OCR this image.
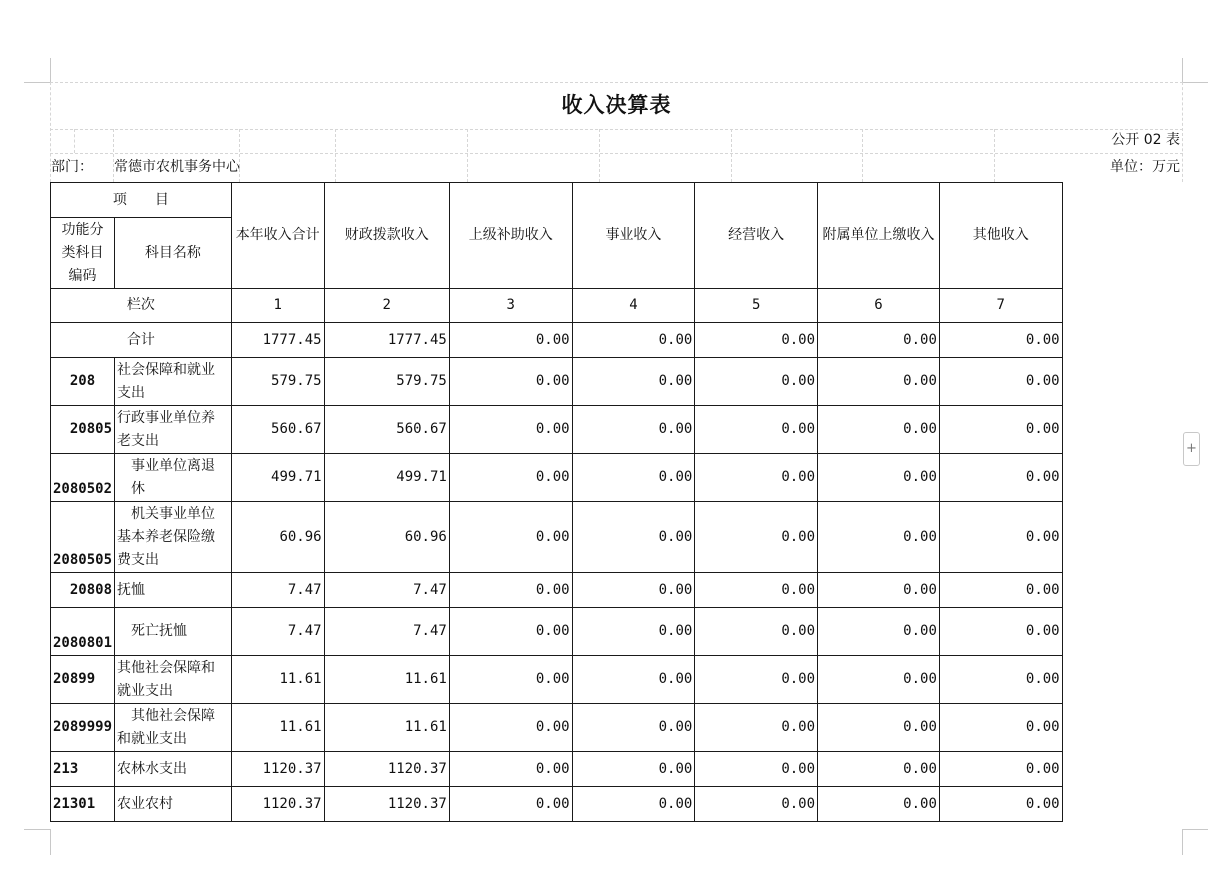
收入决算表
公开 02 表
部门： 常德市农机事务中心	单位：万元
项　　目		本年收入合计	财政拨款收入	上级补助收入	事业收入	经营收入	附属单位上缴收入	其他收入
功能分类科目编码	科目名称							
栏次		1	2	3	4	5	6	7
合计		1777.45	1777.45	0.00	0.00	0.00	0.00	0.00
208	社会保障和就业支出	579.75	579.75	0.00	0.00	0.00	0.00	0.00
20805	行政事业单位养老支出	560.67	560.67	0.00	0.00	0.00	0.00	0.00
2080502	事业单位离退休	499.71	499.71	0.00	0.00	0.00	0.00	0.00
2080505	机关事业单位基本养老保险缴费支出	60.96	60.96	0.00	0.00	0.00	0.00	0.00
20808	抚恤	7.47	7.47	0.00	0.00	0.00	0.00	0.00
2080801	死亡抚恤	7.47	7.47	0.00	0.00	0.00	0.00	0.00
20899	其他社会保障和就业支出	11.61	11.61	0.00	0.00	0.00	0.00	0.00
2089999	其他社会保障和就业支出	11.61	11.61	0.00	0.00	0.00	0.00	0.00
213	农林水支出	1120.37	1120.37	0.00	0.00	0.00	0.00	0.00
21301	农业农村	1120.37	1120.37	0.00	0.00	0.00	0.00	0.00
+
